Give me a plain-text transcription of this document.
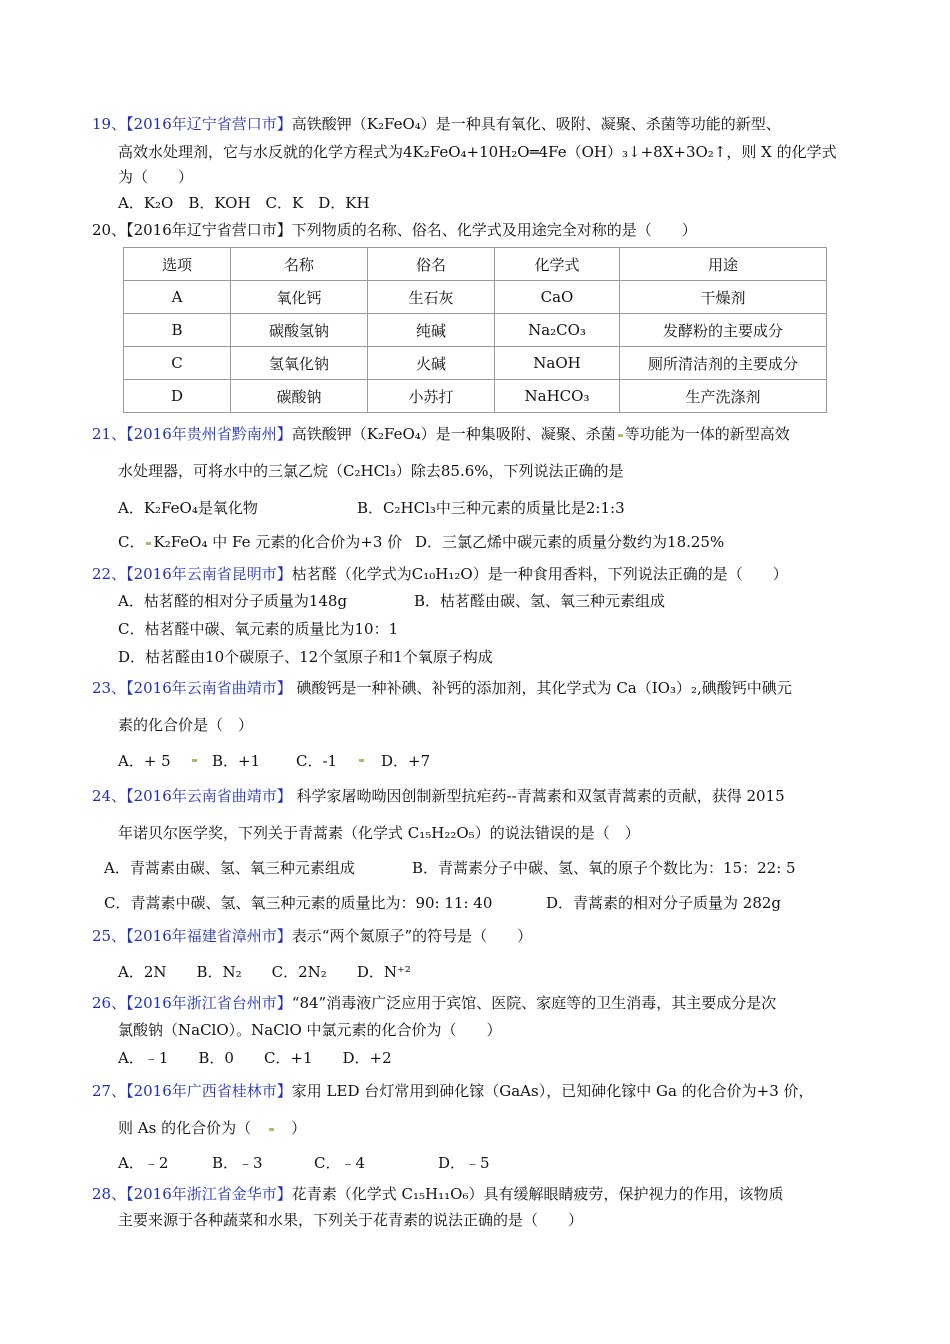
19、【2016年辽宁省营口市】高铁酸钾（K₂FeO₄）是一种具有氧化、吸附、凝聚、杀菌等功能的新型、
高效水处理剂，它与水反就的化学方程式为4K₂FeO₄+10H₂O═4Fe（OH）₃↓+8X+3O₂↑，则 X 的化学式
为（　　）
A．K₂O　B．KOH　C．K　D．KH
20、【2016年辽宁省营口市】下列物质的名称、俗名、化学式及用途完全对称的是（　　）
选项	名称	俗名	化学式	用途
A	氧化钙	生石灰	CaO	干燥剂
B	碳酸氢钠	纯碱	Na₂CO₃	发酵粉的主要成分
C	氢氧化钠	火碱	NaOH	厕所清洁剂的主要成分
D	碳酸钠	小苏打	NaHCO₃	生产洗涤剂
21、【2016年贵州省黔南州】高铁酸钾（K₂FeO₄）是一种集吸附、凝聚、杀菌 等功能为一体的新型高效
水处理器，可将水中的三氯乙烷（C₂HCl₃）除去85.6%，下列说法正确的是
A．K₂FeO₄是氧化物	B．C₂HCl₃中三种元素的质量比是2:1:3
C． K₂FeO₄ 中 Fe 元素的化合价为+3 价 D．三氯乙烯中碳元素的质量分数约为18.25%
22、【2016年云南省昆明市】枯茗醛（化学式为C₁₀H₁₂O）是一种食用香料，下列说法正确的是（　　）
A．枯茗醛的相对分子质量为148g	B．枯茗醛由碳、氢、氧三种元素组成
C．枯茗醛中碳、氧元素的质量比为10：1
D．枯茗醛由10个碳原子、12个氢原子和1个氧原子构成
23、【2016年云南省曲靖市】 碘酸钙是一种补碘、补钙的添加剂，其化学式为 Ca（IO₃）₂,碘酸钙中碘元
素的化合价是（　）
A．+ 5	B．+1 C．-1	D．+7
24、【2016年云南省曲靖市】 科学家屠呦呦因创制新型抗疟药--青蒿素和双氢青蒿素的贡献，获得 2015
年诺贝尔医学奖，下列关于青蒿素（化学式 C₁₅H₂₂O₅）的说法错误的是（　）
A．青蒿素由碳、氢、氧三种元素组成	B．青蒿素分子中碳、氢、氧的原子个数比为：15：22: 5
C．青蒿素中碳、氢、氧三种元素的质量比为：90: 11: 40	D．青蒿素的相对分子质量为 282g
25、【2016年福建省漳州市】表示“两个氮原子”的符号是（　　）
A．2N　　B．N₂　　C．2N₂　　D．N⁺²
26、【2016年浙江省台州市】“84”消毒液广泛应用于宾馆、医院、家庭等的卫生消毒，其主要成分是次
氯酸钠（NaClO）。NaClO 中氯元素的化合价为（　　）
A．﹣1　　B．0　　C．+1　　D．+2
27、【2016年广西省桂林市】家用 LED 台灯常用到砷化镓（GaAs），已知砷化镓中 Ga 的化合价为+3 价，
则 As 的化合价为（　）
A．﹣2	B．﹣3	C．﹣4	D．﹣5
28、【2016年浙江省金华市】花青素（化学式 C₁₅H₁₁O₆）具有缓解眼睛疲劳，保护视力的作用，该物质
主要来源于各种蔬菜和水果，下列关于花青素的说法正确的是（　　）
